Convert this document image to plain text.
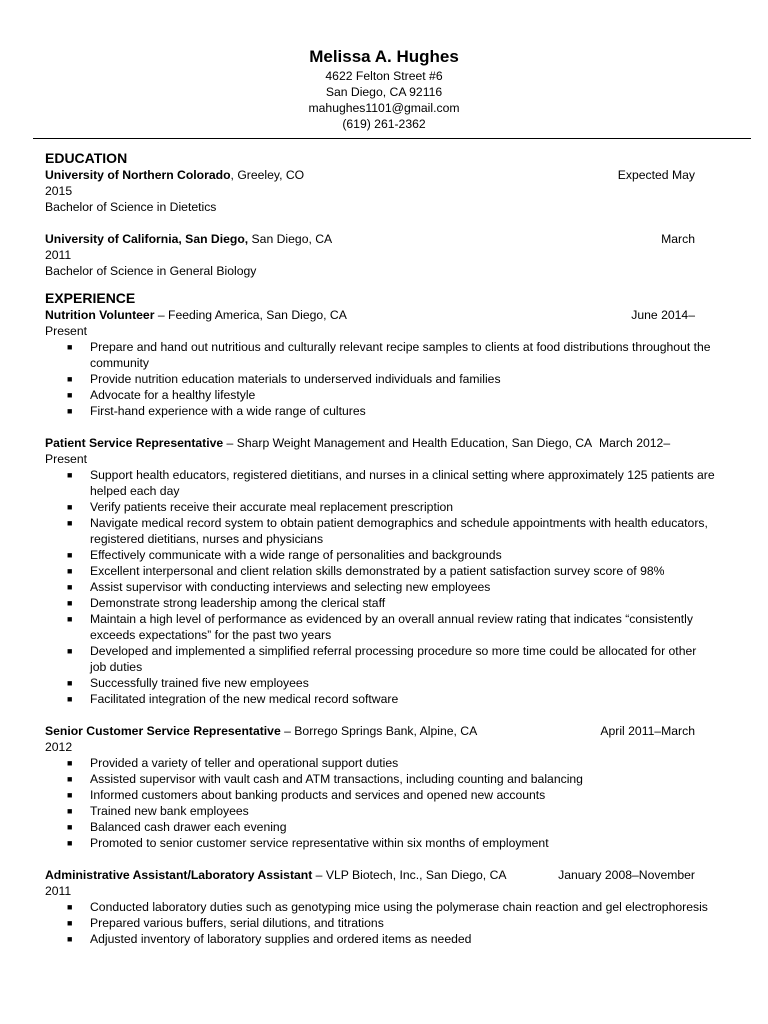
Melissa A. Hughes
4622 Felton Street #6
San Diego, CA 92116
mahughes1101@gmail.com
(619) 261-2362
EDUCATION
University of Northern Colorado, Greeley, CO	Expected May
2015
Bachelor of Science in Dietetics
University of California, San Diego, San Diego, CA	March
2011
Bachelor of Science in General Biology
EXPERIENCE
Nutrition Volunteer – Feeding America, San Diego, CA	June 2014–
Present
■ Prepare and hand out nutritious and culturally relevant recipe samples to clients at food distributions throughout the community
■ Provide nutrition education materials to underserved individuals and families
■ Advocate for a healthy lifestyle
■ First-hand experience with a wide range of cultures
Patient Service Representative – Sharp Weight Management and Health Education, San Diego, CA March 2012–
Present
■ Support health educators, registered dietitians, and nurses in a clinical setting where approximately 125 patients are helped each day
■ Verify patients receive their accurate meal replacement prescription
■ Navigate medical record system to obtain patient demographics and schedule appointments with health educators, registered dietitians, nurses and physicians
■ Effectively communicate with a wide range of personalities and backgrounds
■ Excellent interpersonal and client relation skills demonstrated by a patient satisfaction survey score of 98%
■ Assist supervisor with conducting interviews and selecting new employees
■ Demonstrate strong leadership among the clerical staff
■ Maintain a high level of performance as evidenced by an overall annual review rating that indicates “consistently exceeds expectations” for the past two years
■ Developed and implemented a simplified referral processing procedure so more time could be allocated for other job duties
■ Successfully trained five new employees
■ Facilitated integration of the new medical record software
Senior Customer Service Representative – Borrego Springs Bank, Alpine, CA	April 2011–March
2012
■ Provided a variety of teller and operational support duties
■ Assisted supervisor with vault cash and ATM transactions, including counting and balancing
■ Informed customers about banking products and services and opened new accounts
■ Trained new bank employees
■ Balanced cash drawer each evening
■ Promoted to senior customer service representative within six months of employment
Administrative Assistant/Laboratory Assistant – VLP Biotech, Inc., San Diego, CA	January 2008–November
2011
■ Conducted laboratory duties such as genotyping mice using the polymerase chain reaction and gel electrophoresis
■ Prepared various buffers, serial dilutions, and titrations
■ Adjusted inventory of laboratory supplies and ordered items as needed
